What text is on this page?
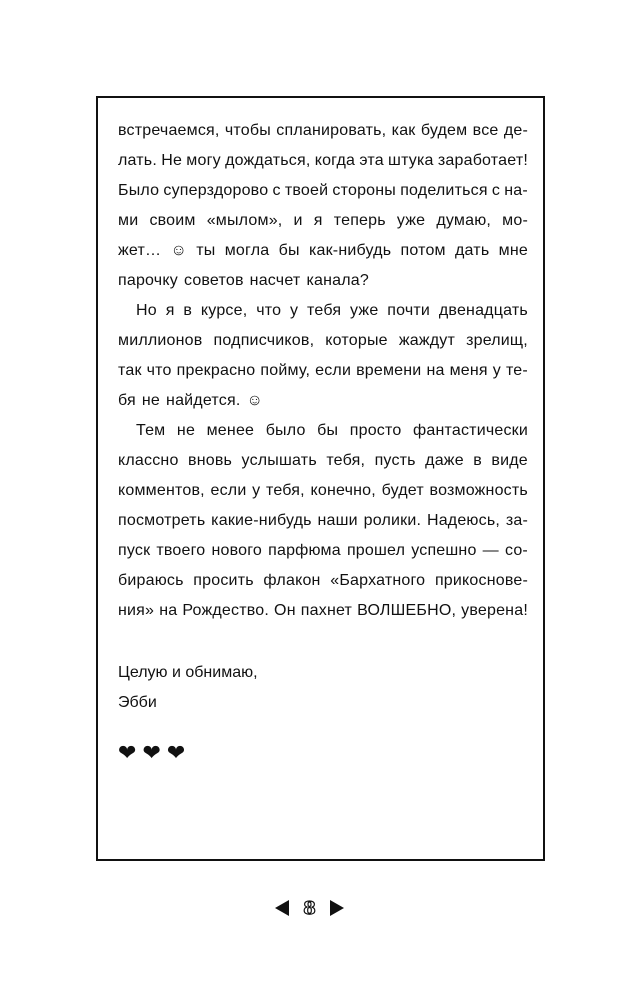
встречаемся, чтобы спланировать, как будем все де-
лать. Не могу дождаться, когда эта штука заработает!
Было суперздорово с твоей стороны поделиться с на-
ми своим «мылом», и я теперь уже думаю, мо-
жет… ☺ ты могла бы как-нибудь потом дать мне
парочку советов насчет канала?
Но я в курсе, что у тебя уже почти двенадцать
миллионов подписчиков, которые жаждут зрелищ,
так что прекрасно пойму, если времени на меня у те-
бя не найдется. ☺
Тем не менее было бы просто фантастически
классно вновь услышать тебя, пусть даже в виде
комментов, если у тебя, конечно, будет возможность
посмотреть какие-нибудь наши ролики. Надеюсь, за-
пуск твоего нового парфюма прошел успешно — со-
бираюсь просить флакон «Бархатного прикоснове-
ния» на Рождество. Он пахнет ВОЛШЕБНО, уверена!
Целую и обнимаю,
Эбби
❤ ❤ ❤
8
